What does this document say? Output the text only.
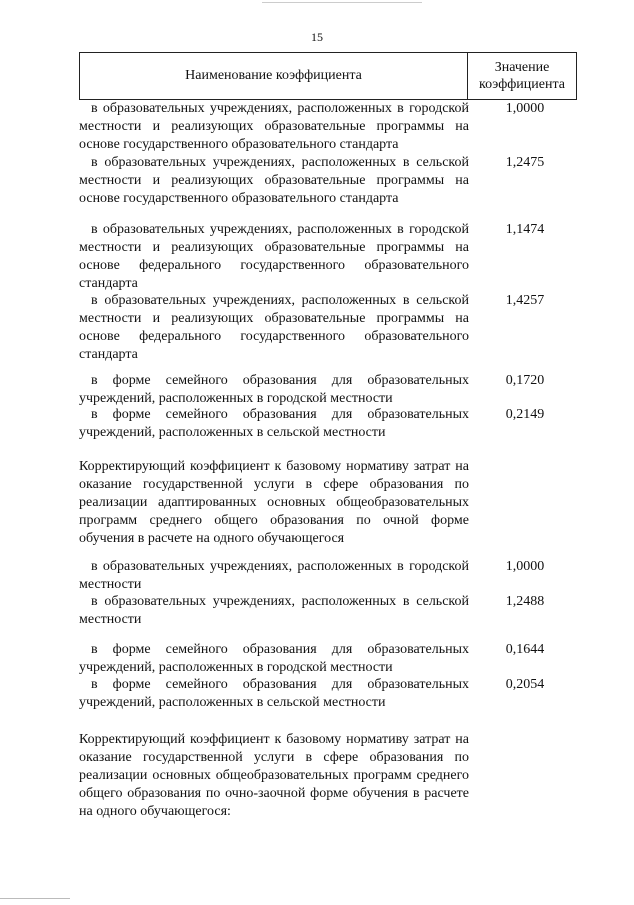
15
Наименование коэффициента
Значение
коэффициента
в образовательных учреждениях, расположенных в городской местности и реализующих образовательные программы на основе государственного образовательного стандарта
1,0000
в образовательных учреждениях, расположенных в сельской местности и реализующих образовательные программы на основе государственного образовательного стандарта
1,2475
в образовательных учреждениях, расположенных в городской местности и реализующих образовательные программы на основе федерального государственного образовательного стандарта
1,1474
в образовательных учреждениях, расположенных в сельской местности и реализующих образовательные программы на основе федерального государственного образовательного стандарта
1,4257
в форме семейного образования для образовательных учреждений, расположенных в городской местности
0,1720
в форме семейного образования для образовательных учреждений, расположенных в сельской местности
0,2149
Корректирующий коэффициент к базовому нормативу затрат на оказание государственной услуги в сфере образования по реализации адаптированных основных общеобразовательных программ среднего общего образования по очной форме обучения в расчете на одного обучающегося
в образовательных учреждениях, расположенных в городской местности
1,0000
в образовательных учреждениях, расположенных в сельской местности
1,2488
в форме семейного образования для образовательных учреждений, расположенных в городской местности
0,1644
в форме семейного образования для образовательных учреждений, расположенных в сельской местности
0,2054
Корректирующий коэффициент к базовому нормативу затрат на оказание государственной услуги в сфере образования по реализации основных общеобразовательных программ среднего общего образования по очно-заочной форме обучения в расчете на одного обучающегося:
